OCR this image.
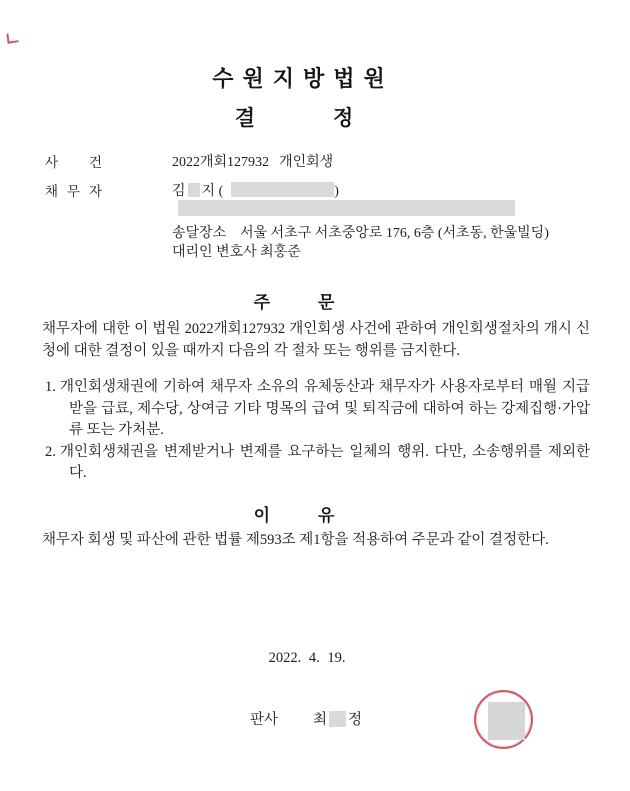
수원지방법원
결	정
사 건	2022개회127932 개인회생
채 무 자	김 지 (	)
송달장소 서울 서초구 서초중앙로 176, 6층 (서초동, 한울빌딩)
대리인 변호사 최홍준
주	문
채무자에 대한 이 법원 2022개회127932 개인회생 사건에 관하여 개인회생절차의 개시 신청에 대한 결정이 있을 때까지 다음의 각 절차 또는 행위를 금지한다.
1. 개인회생채권에 기하여 채무자 소유의 유체동산과 채무자가 사용자로부터 매월 지급받을 급료, 제수당, 상여금 기타 명목의 급여 및 퇴직금에 대하여 하는 강제집행·가압류 또는 가처분.
2. 개인회생채권을 변제받거나 변제를 요구하는 일체의 행위. 다만, 소송행위를 제외한다.
이	유
채무자 회생 및 파산에 관한 법률 제593조 제1항을 적용하여 주문과 같이 결정한다.
2022. 4. 19.
판사 최 정
